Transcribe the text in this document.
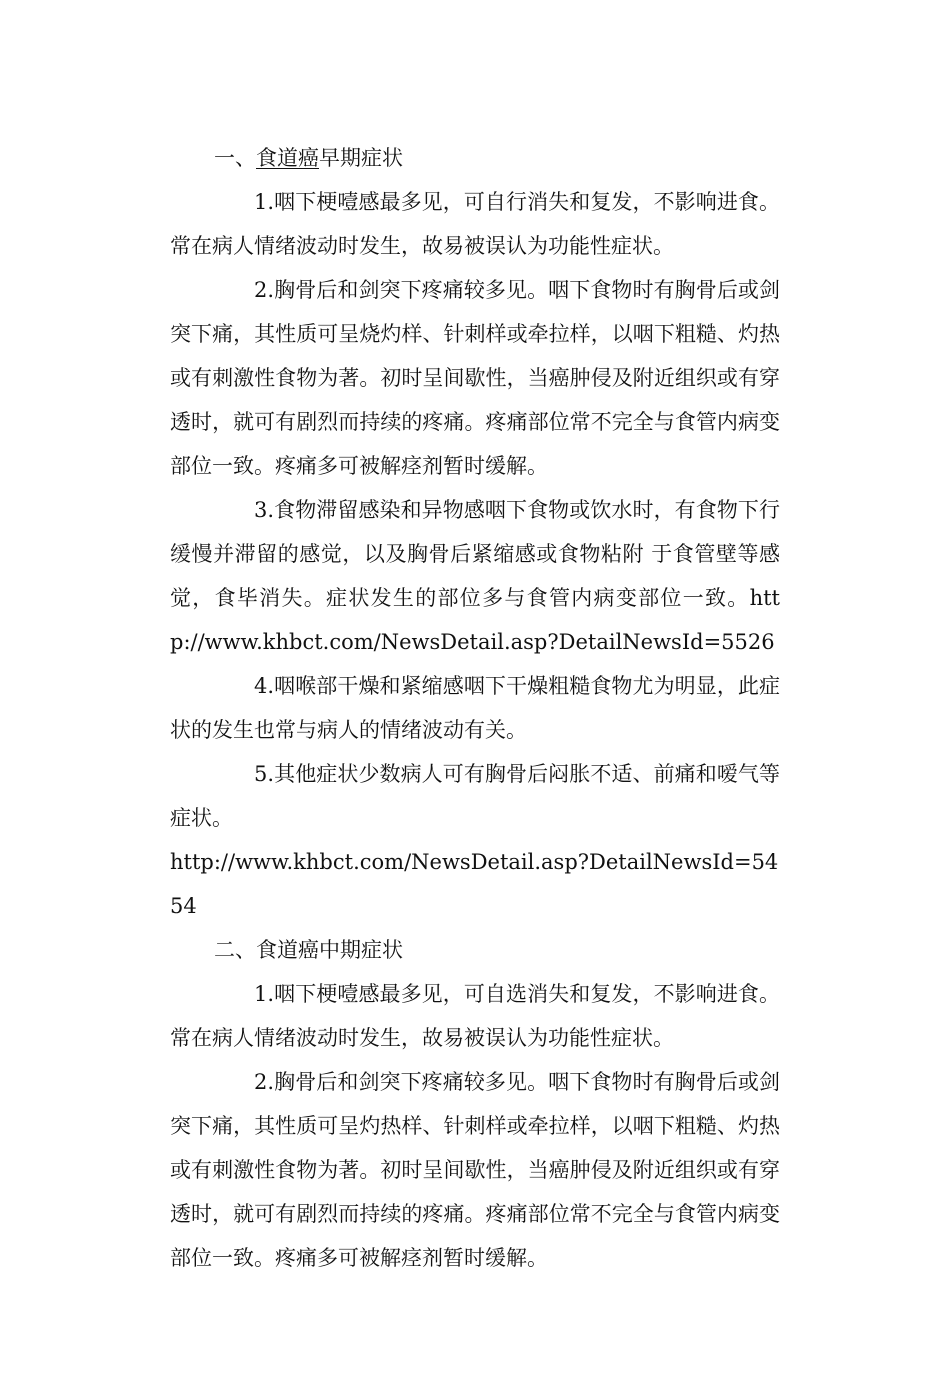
一、食道癌早期症状

1.咽下梗噎感最多见，可自行消失和复发，不影响进食。常在病人情绪波动时发生，故易被误认为功能性症状。

2.胸骨后和剑突下疼痛较多见。咽下食物时有胸骨后或剑突下痛，其性质可呈烧灼样、针刺样或牵拉样，以咽下粗糙、灼热或有刺激性食物为著。初时呈间歇性，当癌肿侵及附近组织或有穿透时，就可有剧烈而持续的疼痛。疼痛部位常不完全与食管内病变部位一致。疼痛多可被解痉剂暂时缓解。

3.食物滞留感染和异物感咽下食物或饮水时，有食物下行缓慢并滞留的感觉，以及胸骨后紧缩感或食物粘附 于食管壁等感觉，食毕消失。症状发生的部位多与食管内病变部位一致。http://www.khbct.com/NewsDetail.asp?DetailNewsId=5526

4.咽喉部干燥和紧缩感咽下干燥粗糙食物尤为明显，此症状的发生也常与病人的情绪波动有关。

5.其他症状少数病人可有胸骨后闷胀不适、前痛和嗳气等症状。

http://www.khbct.com/NewsDetail.asp?DetailNewsId=5454

二、食道癌中期症状

1.咽下梗噎感最多见，可自选消失和复发，不影响进食。常在病人情绪波动时发生，故易被误认为功能性症状。

2.胸骨后和剑突下疼痛较多见。咽下食物时有胸骨后或剑突下痛，其性质可呈灼热样、针刺样或牵拉样，以咽下粗糙、灼热或有刺激性食物为著。初时呈间歇性，当癌肿侵及附近组织或有穿透时，就可有剧烈而持续的疼痛。疼痛部位常不完全与食管内病变部位一致。疼痛多可被解痉剂暂时缓解。
